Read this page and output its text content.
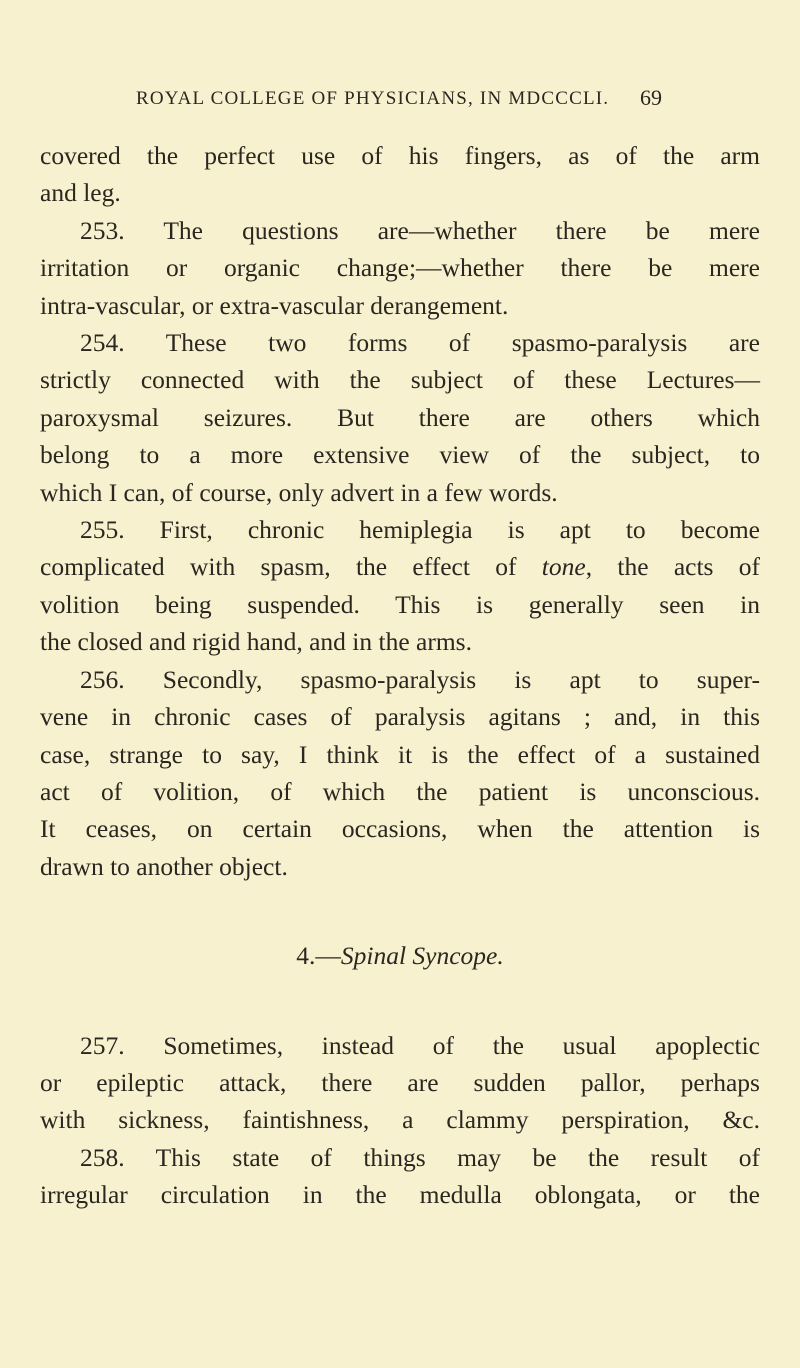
ROYAL COLLEGE OF PHYSICIANS, IN MDCCCLI. 69
covered the perfect use of his fingers, as of the arm
and leg.
253. The questions are—whether there be mere
irritation or organic change;—whether there be mere
intra-vascular, or extra-vascular derangement.
254. These two forms of spasmo-paralysis are
strictly connected with the subject of these Lectures—
paroxysmal seizures. But there are others which
belong to a more extensive view of the subject, to
which I can, of course, only advert in a few words.
255. First, chronic hemiplegia is apt to become
complicated with spasm, the effect of tone, the acts of
volition being suspended. This is generally seen in
the closed and rigid hand, and in the arms.
256. Secondly, spasmo-paralysis is apt to super-
vene in chronic cases of paralysis agitans ; and, in this
case, strange to say, I think it is the effect of a sustained
act of volition, of which the patient is unconscious.
It ceases, on certain occasions, when the attention is
drawn to another object.
4.—Spinal Syncope.
257. Sometimes, instead of the usual apoplectic
or epileptic attack, there are sudden pallor, perhaps
with sickness, faintishness, a clammy perspiration, &c.
258. This state of things may be the result of
irregular circulation in the medulla oblongata, or the
